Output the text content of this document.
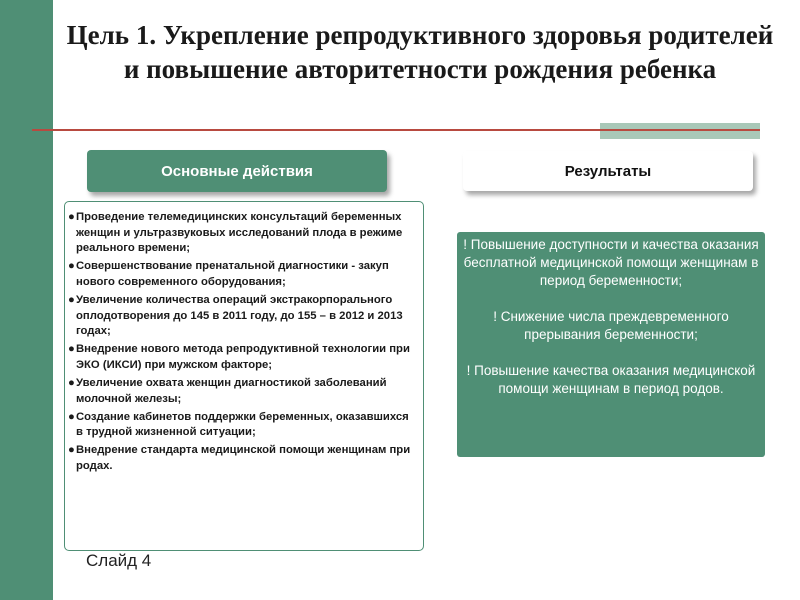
Цель 1. Укрепление репродуктивного здоровья родителей и повышение авторитетности рождения ребенка
Основные действия	Результаты
● Проведение телемедицинских консультаций беременных женщин и ультразвуковых исследований плода в режиме реального времени;
● Совершенствование пренатальной диагностики - закуп нового современного оборудования;
● Увеличение количества операций экстракорпорального оплодотворения до 145 в 2011 году, до 155 – в 2012 и 2013 годах;
● Внедрение нового метода репродуктивной технологии при ЭКО (ИКСИ) при мужском факторе;
● Увеличение охвата женщин диагностикой заболеваний молочной железы;
● Создание кабинетов поддержки беременных, оказавшихся в трудной жизненной ситуации;
● Внедрение стандарта медицинской помощи женщинам при родах.

! Повышение доступности и качества оказания бесплатной медицинской помощи женщинам в период беременности;

! Снижение числа преждевременного прерывания беременности;

! Повышение качества оказания медицинской помощи женщинам в период родов.

Слайд 4
